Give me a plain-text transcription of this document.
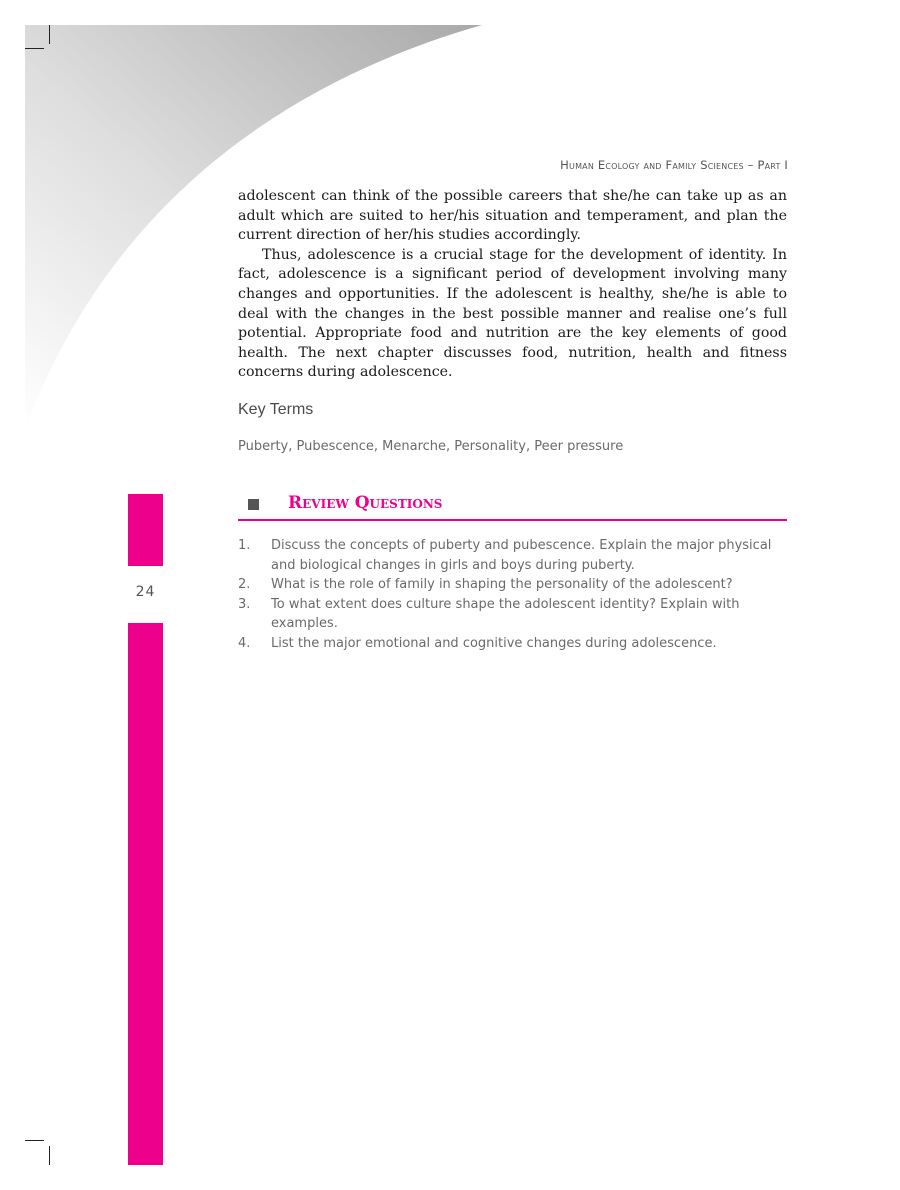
Human Ecology and Family Sciences – Part I

adolescent can think of the possible careers that she/he can take up as an adult which are suited to her/his situation and temperament, and plan the current direction of her/his studies accordingly.

Thus, adolescence is a crucial stage for the development of identity. In fact, adolescence is a significant period of development involving many changes and opportunities. If the adolescent is healthy, she/he is able to deal with the changes in the best possible manner and realise one’s full potential. Appropriate food and nutrition are the key elements of good health. The next chapter discusses food, nutrition, health and fitness concerns during adolescence.

Key Terms
Puberty, Pubescence, Menarche, Personality, Peer pressure
24
Review Questions
1.	Discuss the concepts of puberty and pubescence. Explain the major physical and biological changes in girls and boys during puberty.
2.	What is the role of family in shaping the personality of the adolescent?
3.	To what extent does culture shape the adolescent identity? Explain with examples.
4.	List the major emotional and cognitive changes during adolescence.
